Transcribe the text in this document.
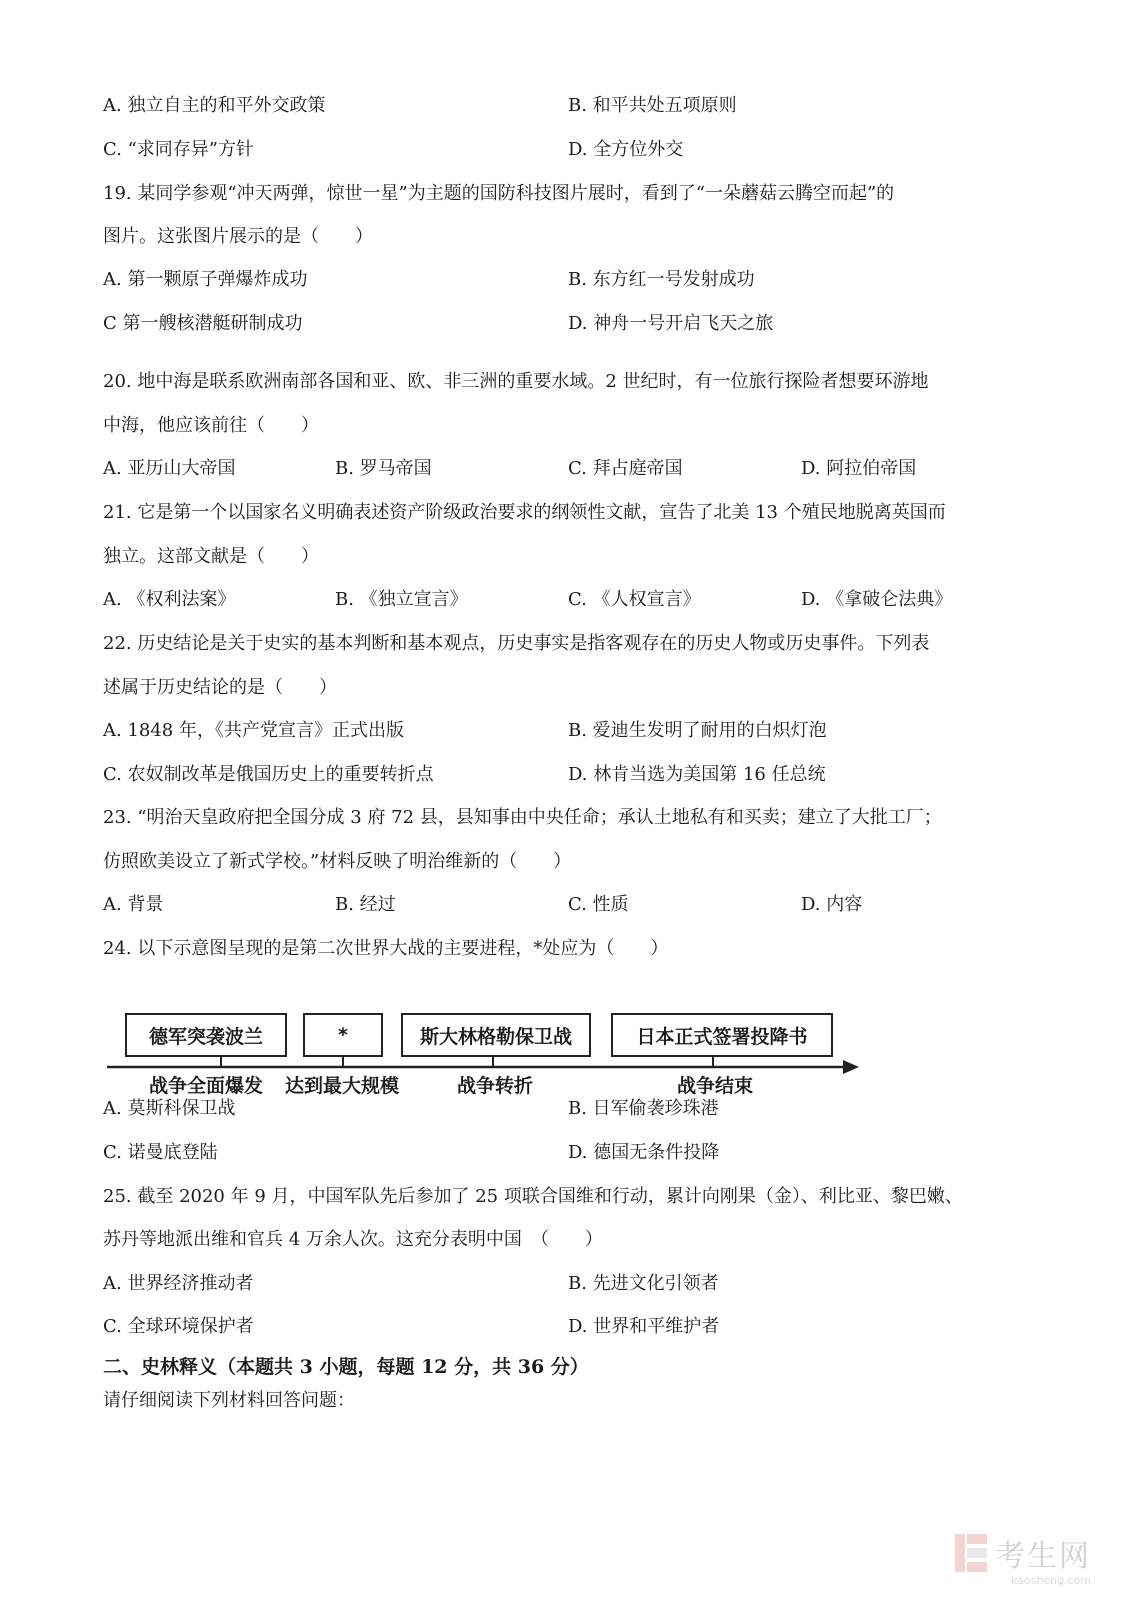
A. 独立自主的和平外交政策	B. 和平共处五项原则
C. “求同存异”方针	D. 全方位外交
19. 某同学参观“冲天两弹，惊世一星”为主题的国防科技图片展时，看到了“一朵蘑菇云腾空而起”的
图片。这张图片展示的是（　　）
A. 第一颗原子弹爆炸成功	B. 东方红一号发射成功
C 第一艘核潜艇研制成功	D. 神舟一号开启飞天之旅
20. 地中海是联系欧洲南部各国和亚、欧、非三洲的重要水域。2 世纪时，有一位旅行探险者想要环游地
中海，他应该前往（　　）
A. 亚历山大帝国	B. 罗马帝国	C. 拜占庭帝国	D. 阿拉伯帝国
21. 它是第一个以国家名义明确表述资产阶级政治要求的纲领性文献，宣告了北美 13 个殖民地脱离英国而
独立。这部文献是（　　）
A. 《权利法案》	B. 《独立宣言》	C. 《人权宣言》	D. 《拿破仑法典》
22. 历史结论是关于史实的基本判断和基本观点，历史事实是指客观存在的历史人物或历史事件。下列表
述属于历史结论的是（　　）
A. 1848 年，《共产党宣言》正式出版	B. 爱迪生发明了耐用的白炽灯泡
C. 农奴制改革是俄国历史上的重要转折点	D. 林肯当选为美国第 16 任总统
23. “明治天皇政府把全国分成 3 府 72 县，县知事由中央任命；承认土地私有和买卖；建立了大批工厂；
仿照欧美设立了新式学校。”材料反映了明治维新的（　　）
A. 背景	B. 经过	C. 性质	D. 内容
24. 以下示意图呈现的是第二次世界大战的主要进程，*处应为（　　）
德军突袭波兰	*	斯大林格勒保卫战	日本正式签署投降书
战争全面爆发 达到最大规模	战争转折	战争结束
A. 莫斯科保卫战	B. 日军偷袭珍珠港
C. 诺曼底登陆	D. 德国无条件投降
25. 截至 2020 年 9 月，中国军队先后参加了 25 项联合国维和行动，累计向刚果（金）、利比亚、黎巴嫩、
苏丹等地派出维和官兵 4 万余人次。这充分表明中国　（　　）
A. 世界经济推动者	B. 先进文化引领者
C. 全球环境保护者	D. 世界和平维护者
二、史林释义（本题共 3 小题，每题 12 分，共 36 分）
请仔细阅读下列材料回答问题：
考生网
kaosheng.com
